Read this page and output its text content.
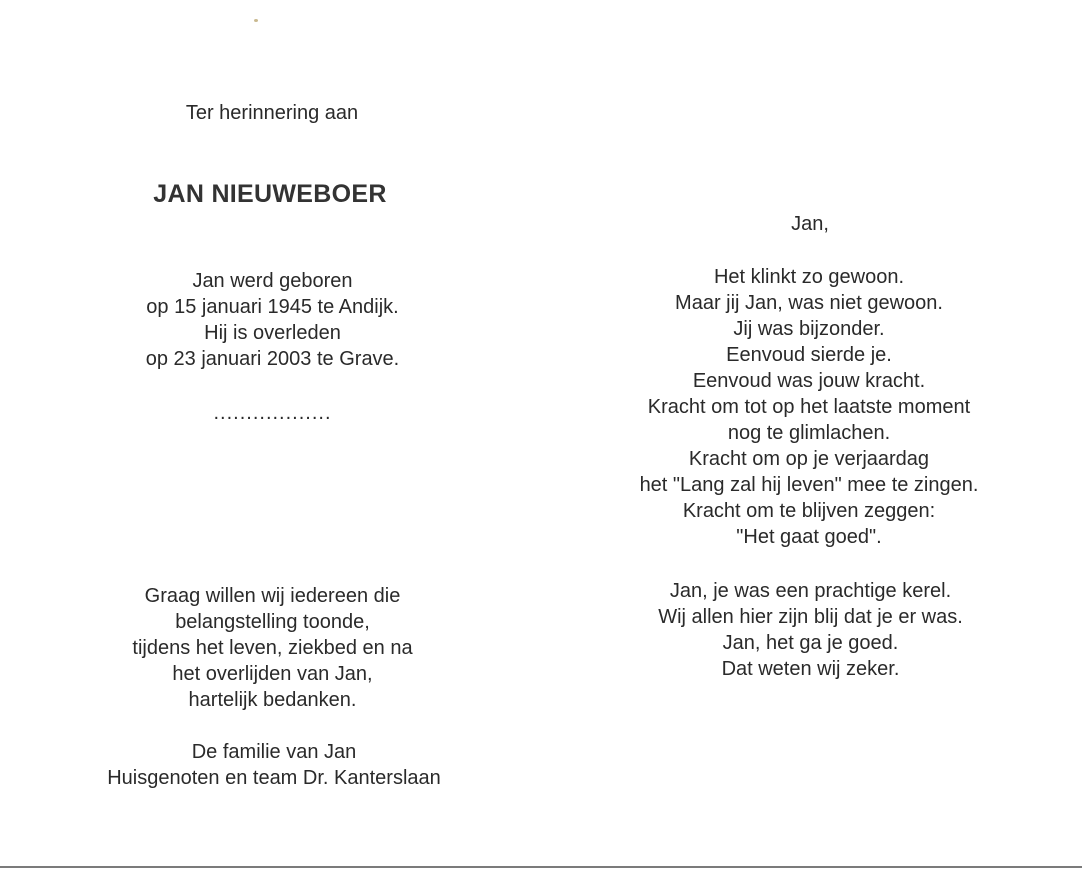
Ter herinnering aan
JAN NIEUWEBOER
Jan werd geboren
op 15 januari 1945 te Andijk.
Hij is overleden
op 23 januari 2003 te Grave.
..................
Graag willen wij iedereen die
belangstelling toonde,
tijdens het leven, ziekbed en na
het overlijden van Jan,
hartelijk bedanken.
De familie van Jan
Huisgenoten en team Dr. Kanterslaan
Jan,
Het klinkt zo gewoon.
Maar jij Jan, was niet gewoon.
Jij was bijzonder.
Eenvoud sierde je.
Eenvoud was jouw kracht.
Kracht om tot op het laatste moment
nog te glimlachen.
Kracht om op je verjaardag
het "Lang zal hij leven" mee te zingen.
Kracht om te blijven zeggen:
"Het gaat goed".
Jan, je was een prachtige kerel.
Wij allen hier zijn blij dat je er was.
Jan, het ga je goed.
Dat weten wij zeker.
